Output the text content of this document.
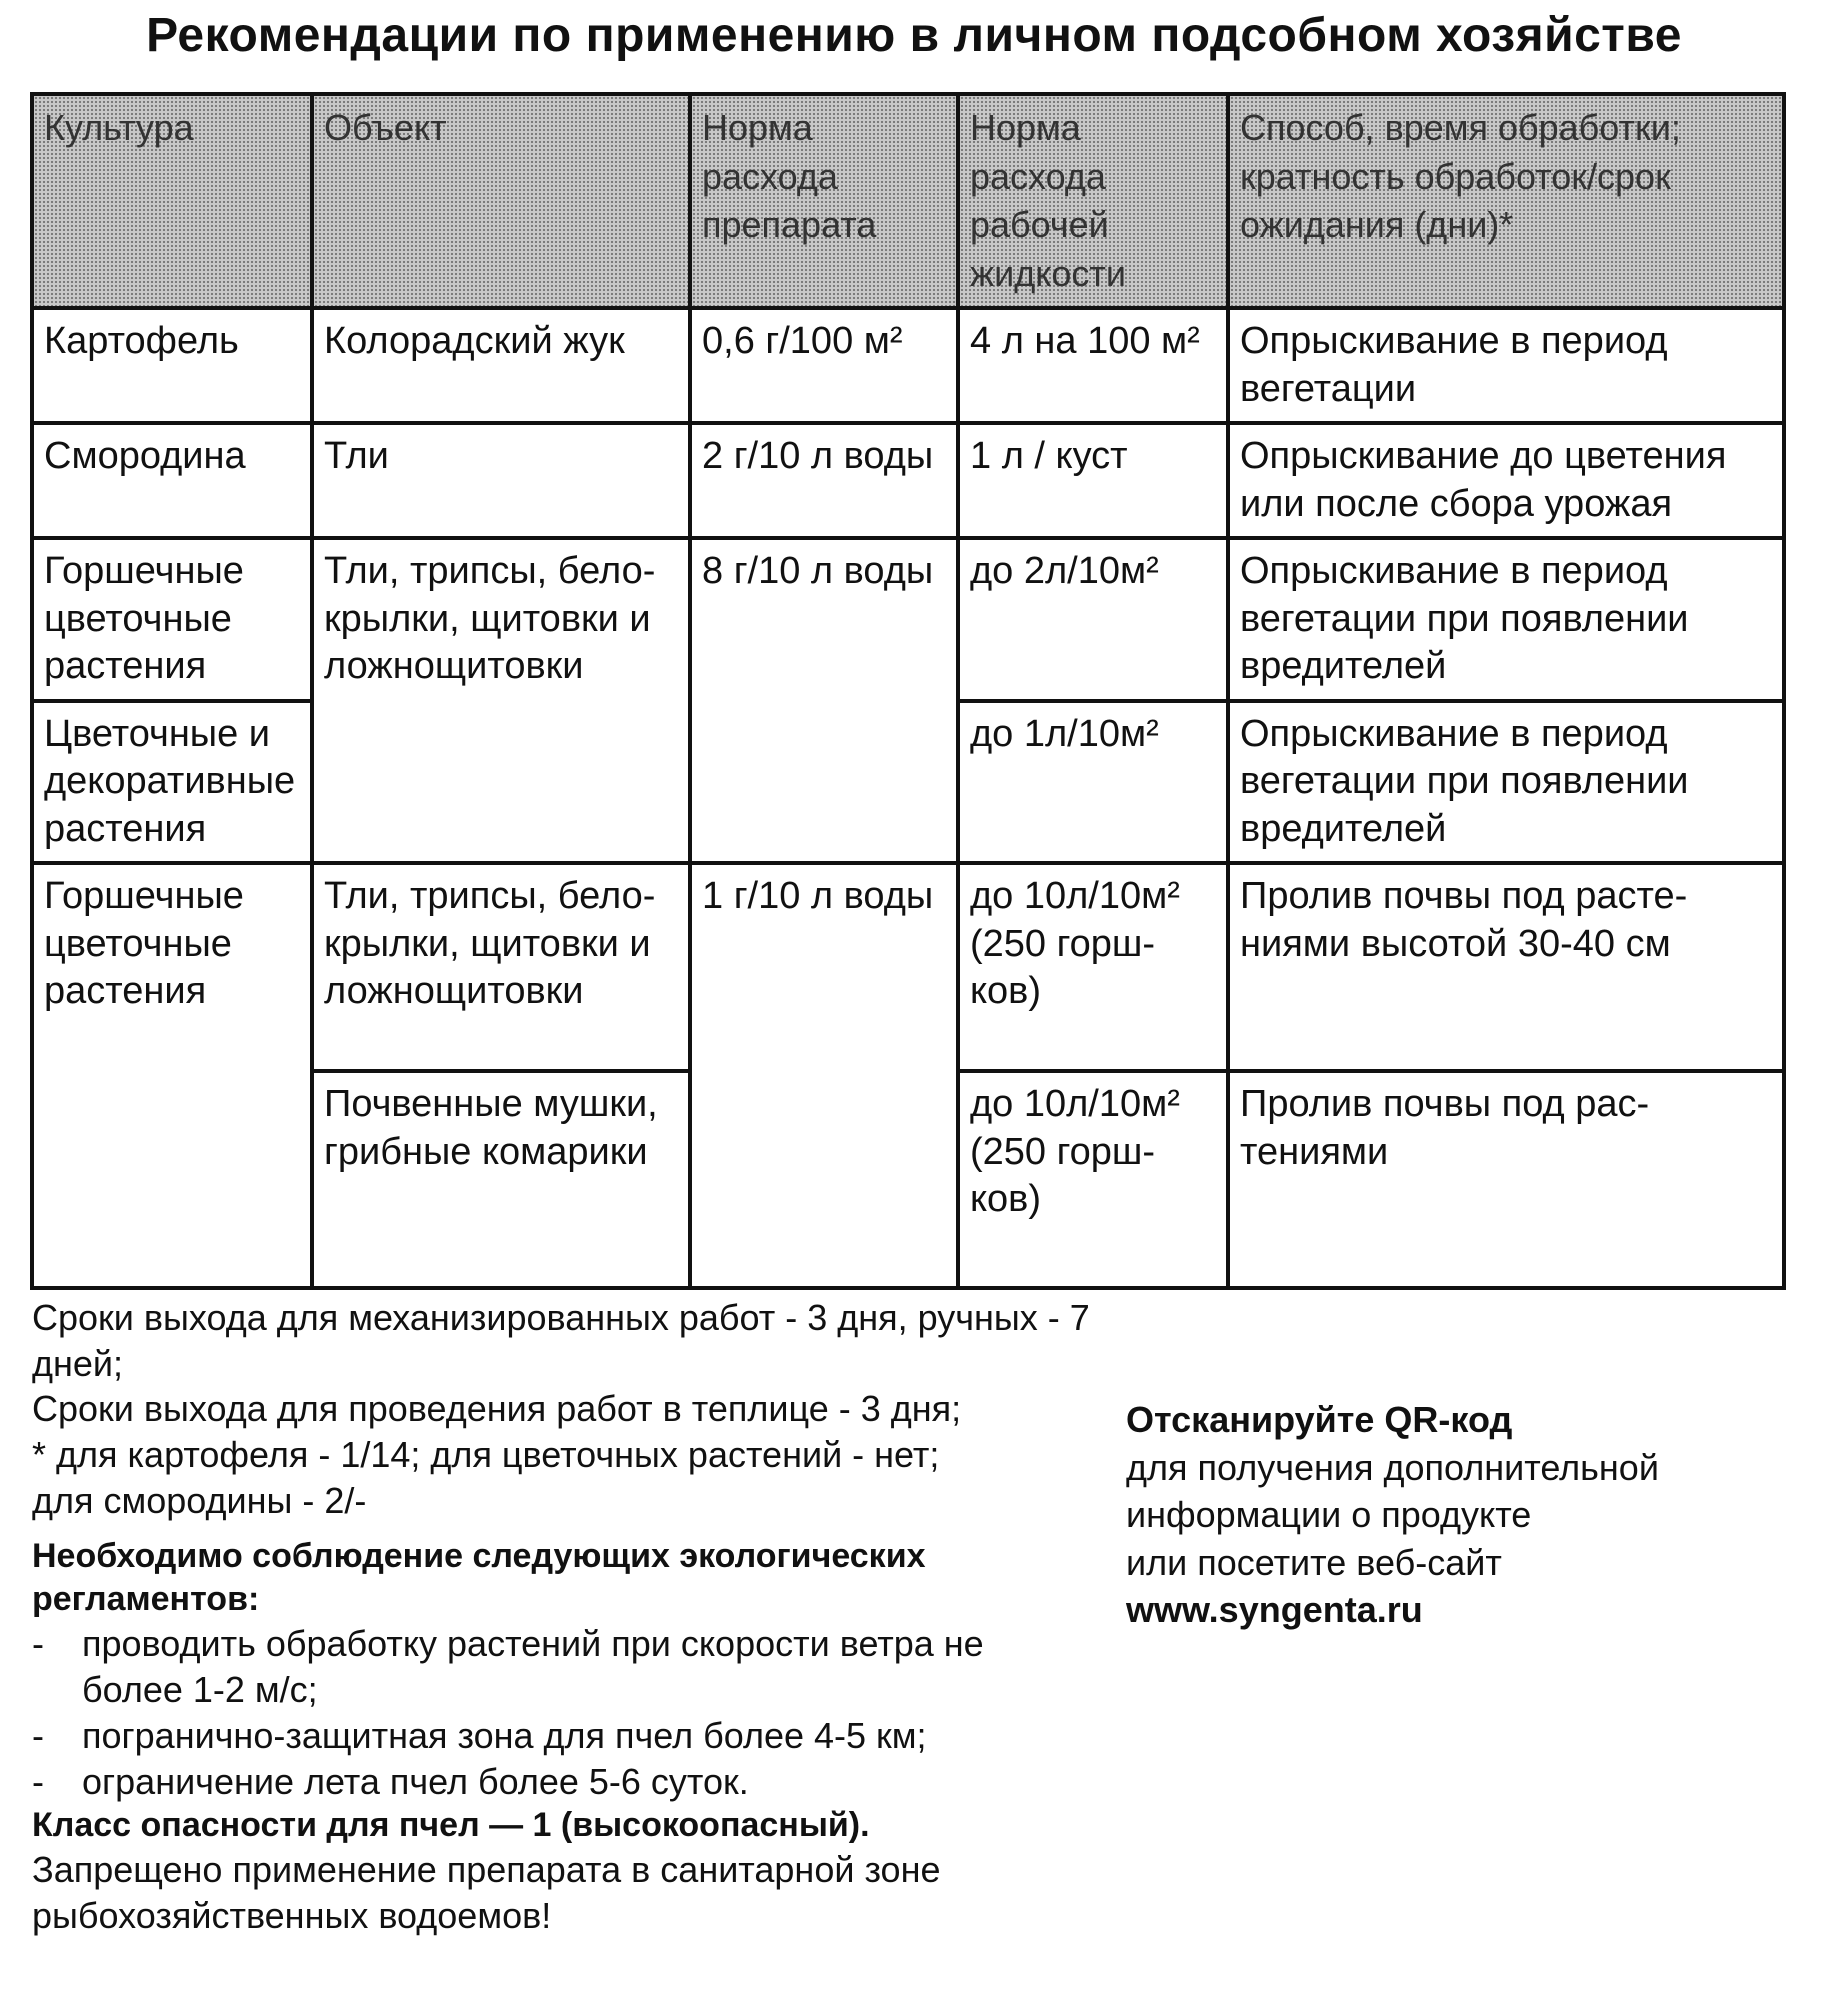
Рекомендации по применению в личном подсобном хозяйстве
Культура	Объект	Норма расхода препарата	Норма расхода рабочей жидкости	Способ, время обработки; кратность обработок/срок ожидания (дни)*
Картофель	Колорадский жук	0,6 г/100 м²	4 л на 100 м²	Опрыскивание в период вегетации
Смородина	Тли	2 г/10 л воды	1 л / куст	Опрыскивание до цветения или после сбора урожая
Горшечные цветочные растения	Тли, трипсы, бело-крылки, щитовки и ложнощитовки	8 г/10 л воды	до 2л/10м²	Опрыскивание в период вегетации при появлении вредителей
Цветочные и декоративные растения			до 1л/10м²	Опрыскивание в период вегетации при появлении вредителей
Горшечные цветочные растения	Тли, трипсы, бело-крылки, щитовки и ложнощитовки	1 г/10 л воды	до 10л/10м² (250 горш-ков)	Пролив почвы под расте-ниями высотой 30-40 см
	Почвенные мушки, грибные комарики		до 10л/10м² (250 горш-ков)	Пролив почвы под рас-тениями

Сроки выхода для механизированных работ - 3 дня, ручных - 7 дней;

Сроки выхода для проведения работ в теплице - 3 дня;

* для картофеля - 1/14; для цветочных растений - нет;

для смородины - 2/-

Необходимо соблюдение следующих экологических регламентов:
- проводить обработку растений при скорости ветра не более 1-2 м/с;
- погранично-защитная зона для пчел более 4-5 км;
- ограничение лета пчел более 5-6 суток.
Класс опасности для пчел — 1 (высокоопасный).
Запрещено применение препарата в санитарной зоне рыбохозяйственных водоемов!

Отсканируйте QR-код

для получения дополнительной

информации о продукте

или посетите веб-сайт

www.syngenta.ru
